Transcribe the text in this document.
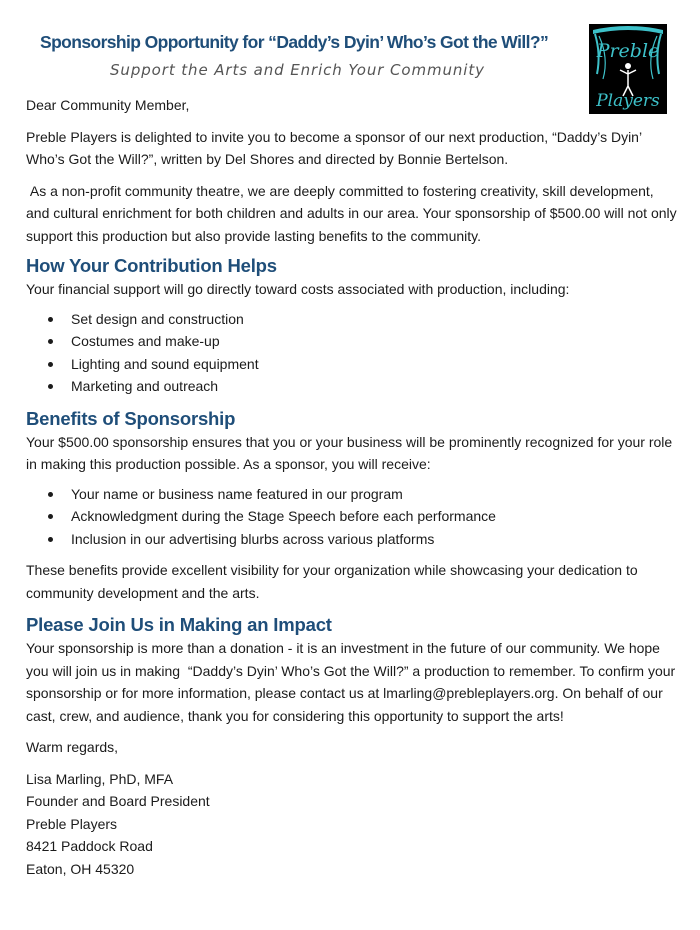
Sponsorship Opportunity for “Daddy’s Dyin’ Who’s Got the Will?”
Support the Arts and Enrich Your Community
Preble
Players

Dear Community Member,

Preble Players is delighted to invite you to become a sponsor of our next production, “Daddy’s Dyin’ Who’s Got the Will?”, written by Del Shores and directed by Bonnie Bertelson.

As a non-profit community theatre, we are deeply committed to fostering creativity, skill development, and cultural enrichment for both children and adults in our area. Your sponsorship of $500.00 will not only support this production but also provide lasting benefits to the community.

How Your Contribution Helps

Your financial support will go directly toward costs associated with production, including:

Set design and construction
Costumes and make-up
Lighting and sound equipment
Marketing and outreach
Benefits of Sponsorship

Your $500.00 sponsorship ensures that you or your business will be prominently recognized for your role in making this production possible. As a sponsor, you will receive:

Your name or business name featured in our program
Acknowledgment during the Stage Speech before each performance
Inclusion in our advertising blurbs across various platforms

These benefits provide excellent visibility for your organization while showcasing your dedication to community development and the arts.

Please Join Us in Making an Impact

Your sponsorship is more than a donation - it is an investment in the future of our community. We hope you will join us in making  “Daddy’s Dyin’ Who’s Got the Will?” a production to remember. To confirm your sponsorship or for more information, please contact us at lmarling@prebleplayers.org. On behalf of our cast, crew, and audience, thank you for considering this opportunity to support the arts!

Warm regards,

Lisa Marling, PhD, MFA

Founder and Board President

Preble Players

8421 Paddock Road

Eaton, OH 45320
